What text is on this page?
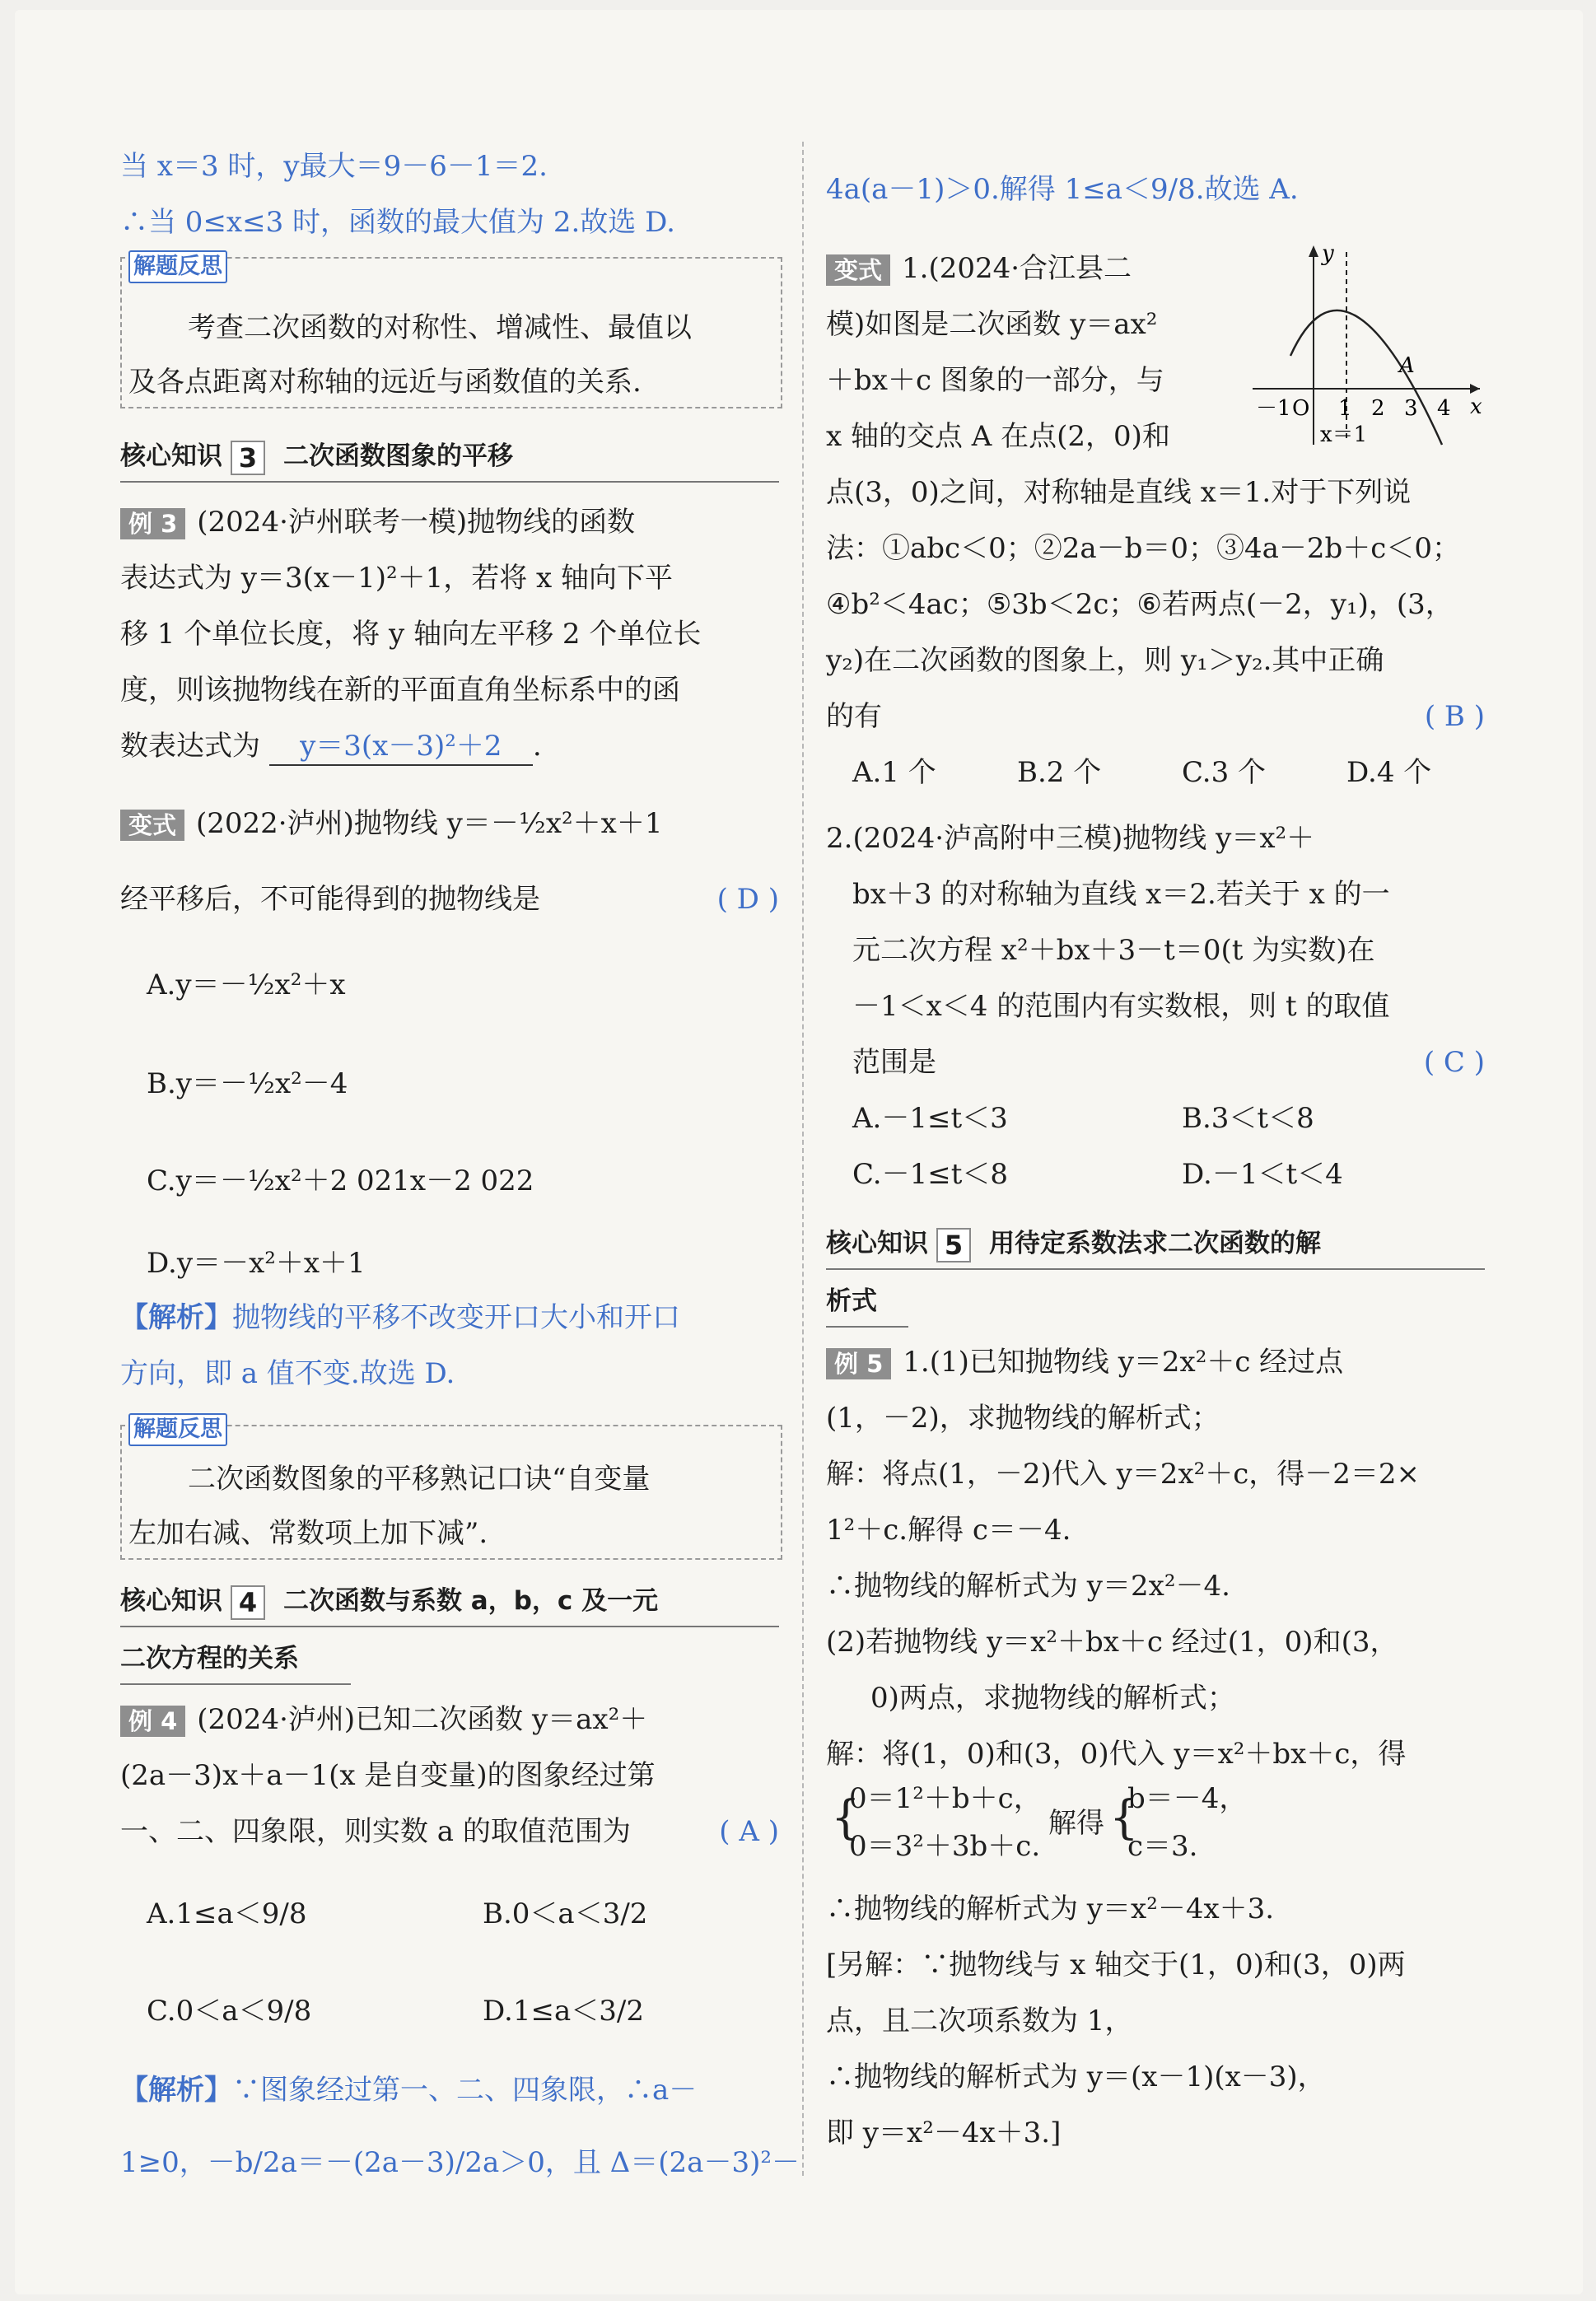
当 x＝3 时，y最大＝9－6－1＝2.
∴当 0≤x≤3 时，函数的最大值为 2.故选 D.
解题反思
考查二次函数的对称性、增减性、最值以
及各点距离对称轴的远近与函数值的关系.
核心知识 3 二次函数图象的平移
例 3 (2024·泸州联考一模)抛物线的函数
表达式为 y＝3(x－1)²＋1，若将 x 轴向下平
移 1 个单位长度，将 y 轴向左平移 2 个单位长
度，则该抛物线在新的平面直角坐标系中的函
数表达式为 y＝3(x－3)²＋2 .
变式 (2022·泸州)抛物线 y＝－½x²＋x＋1
经平移后，不可能得到的抛物线是	( D )
A.y＝－½x²＋x
B.y＝－½x²－4
C.y＝－½x²＋2 021x－2 022
D.y＝－x²＋x＋1
【解析】抛物线的平移不改变开口大小和开口
方向，即 a 值不变.故选 D.
解题反思
二次函数图象的平移熟记口诀“自变量
左加右减、常数项上加下减”.
核心知识 4 二次函数与系数 a，b，c 及一元
二次方程的关系
例 4 (2024·泸州)已知二次函数 y＝ax²＋
(2a－3)x＋a－1(x 是自变量)的图象经过第
一、二、四象限，则实数 a 的取值范围为	( A )
A.1≤a＜9/8	B.0＜a＜3/2
C.0＜a＜9/8	D.1≤a＜3/2
【解析】∵图象经过第一、二、四象限，∴a－
1≥0，－b/2a＝－(2a－3)/2a＞0，且 Δ＝(2a－3)²－
4a(a－1)＞0.解得 1≤a＜9/8.故选 A.
变式 1.(2024·合江县二
模)如图是二次函数 y＝ax²
＋bx＋c 图象的一部分，与
x 轴的交点 A 在点(2，0)和
y
x
－1 O 1 2 3 4
A
x＝1
点(3，0)之间，对称轴是直线 x＝1.对于下列说
法：①abc＜0；②2a－b＝0；③4a－2b＋c＜0；
④b²＜4ac；⑤3b＜2c；⑥若两点(－2，y₁)，(3，
y₂)在二次函数的图象上，则 y₁＞y₂.其中正确
的有	( B )
A.1 个	B.2 个	C.3 个	D.4 个
2.(2024·泸高附中三模)抛物线 y＝x²＋
bx＋3 的对称轴为直线 x＝2.若关于 x 的一
元二次方程 x²＋bx＋3－t＝0(t 为实数)在
－1＜x＜4 的范围内有实数根，则 t 的取值
范围是	( C )
A.－1≤t＜3	B.3＜t＜8
C.－1≤t＜8	D.－1＜t＜4
核心知识 5 用待定系数法求二次函数的解
析式
例 5 1.(1)已知抛物线 y＝2x²＋c 经过点
(1，－2)，求抛物线的解析式；
解：将点(1，－2)代入 y＝2x²＋c，得－2＝2×
1²＋c.解得 c＝－4.
∴抛物线的解析式为 y＝2x²－4.
(2)若抛物线 y＝x²＋bx＋c 经过(1，0)和(3，
0)两点，求抛物线的解析式；
解：将(1，0)和(3，0)代入 y＝x²＋bx＋c，得
{
0＝1²＋b＋c，
0＝3²＋3b＋c.
解得 {
b＝－4，
c＝3.
∴抛物线的解析式为 y＝x²－4x＋3.
[另解：∵抛物线与 x 轴交于(1，0)和(3，0)两
点，且二次项系数为 1，
∴抛物线的解析式为 y＝(x－1)(x－3)，
即 y＝x²－4x＋3.]
